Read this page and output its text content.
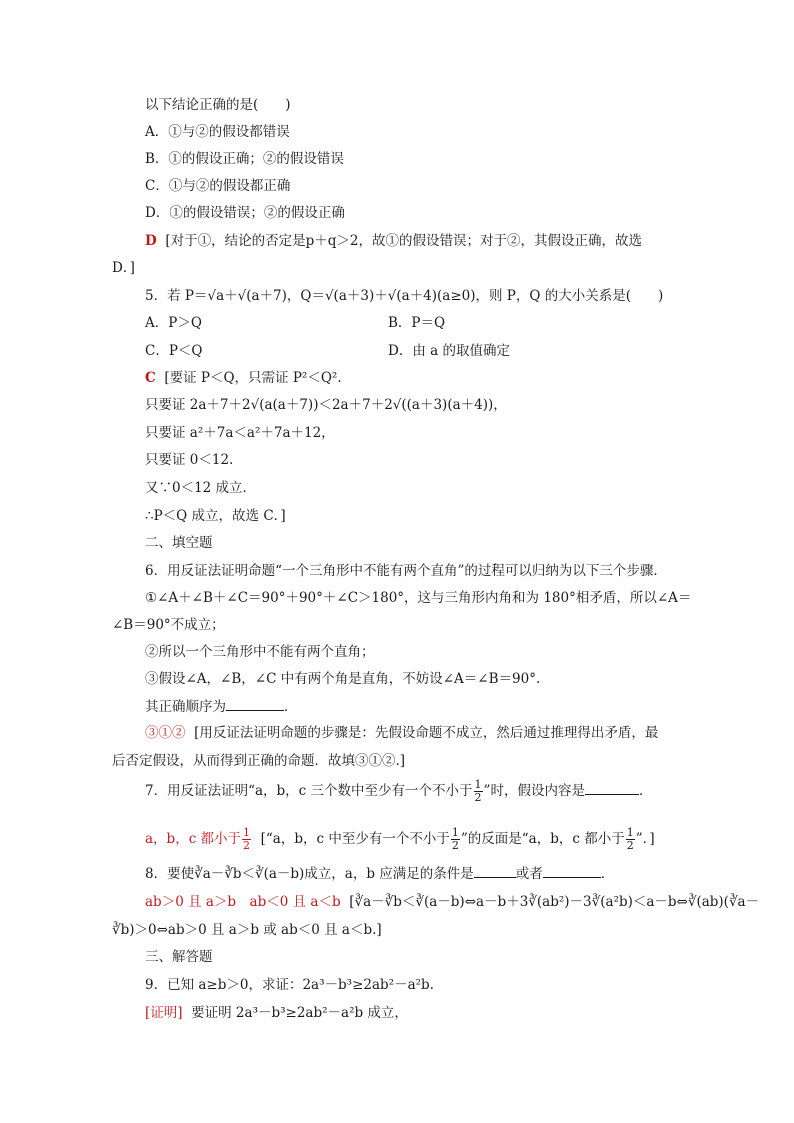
以下结论正确的是(　　)
A．①与②的假设都错误
B．①的假设正确；②的假设错误
C．①与②的假设都正确
D．①的假设错误；②的假设正确
D [对于①，结论的否定是p＋q＞2，故①的假设错误；对于②，其假设正确，故选
D．]
5．若 P＝√a＋√(a＋7)，Q＝√(a＋3)＋√(a＋4)(a≥0)，则 P，Q 的大小关系是(　　)
A．P＞Q	B．P＝Q
C．P＜Q	D．由 a 的取值确定
C [要证 P＜Q，只需证 P²＜Q².
只要证 2a＋7＋2√(a(a＋7))＜2a＋7＋2√((a＋3)(a＋4))，
只要证 a²＋7a＜a²＋7a＋12，
只要证 0＜12.
又∵0＜12 成立．
∴P＜Q 成立，故选 C．]
二、填空题
6．用反证法证明命题“一个三角形中不能有两个直角”的过程可以归纳为以下三个步骤．
①∠A＋∠B＋∠C＝90°＋90°＋∠C＞180°，这与三角形内角和为 180°相矛盾，所以∠A＝
∠B＝90°不成立；
②所以一个三角形中不能有两个直角；
③假设∠A，∠B，∠C 中有两个角是直角，不妨设∠A＝∠B＝90°.
其正确顺序为	．
③①② [用反证法证明命题的步骤是：先假设命题不成立，然后通过推理得出矛盾，最
后否定假设，从而得到正确的命题．故填③①②.]
7．用反证法证明“a，b，c 三个数中至少有一个不小于 $\frac{1}{2}$ ”时，假设内容是	．
a，b，c 都小于 $\frac{1}{2}$ [“a，b，c 中至少有一个不小于 $\frac{1}{2}$ ”的反面是“a，b，c 都小于 $\frac{1}{2}$ ”．]
8．要使∛a－∛b＜∛(a－b)成立，a，b 应满足的条件是	或者	．
ab＞0 且 a＞b　ab＜0 且 a＜b [∛a－∛b＜∛(a－b)⇔a－b＋3∛(ab²)－3∛(a²b)＜a－b⇔∛(ab)(∛a－
∛b)＞0⇔ab＞0 且 a＞b 或 ab＜0 且 a＜b.]
三、解答题
9．已知 a≥b＞0，求证：2a³－b³≥2ab²－a²b.
[证明] 要证明 2a³－b³≥2ab²－a²b 成立，
